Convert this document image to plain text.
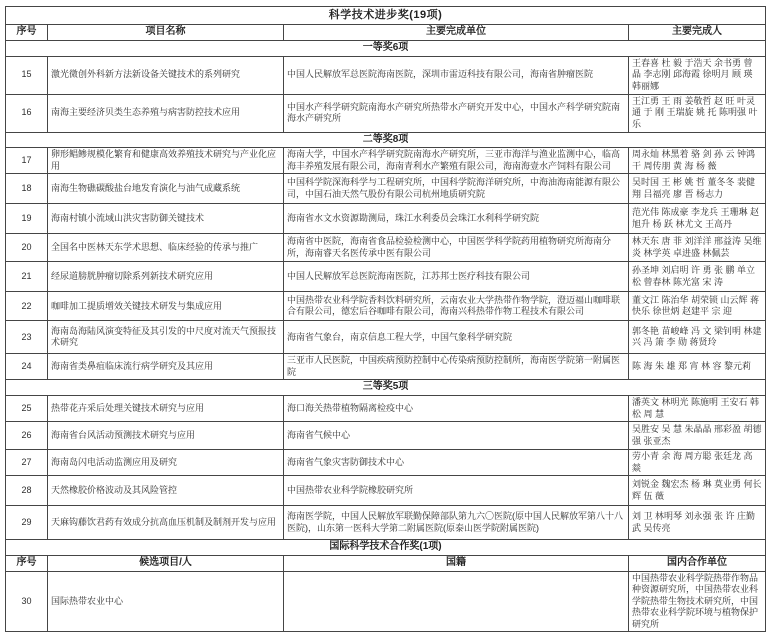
科学技术进步奖(19项)			
序号	项目名称	主要完成单位	主要完成人
一等奖6项			
15	激光微创外科新方法新设备关键技术的系列研究	中国人民解放军总医院海南医院，深圳市雷迈科技有限公司，海南省肿瘤医院	王春喜 杜 毅 于浩天 余书勇 曾 晶 李志刚 邱海霞 徐明月 顾 瑛 韩丽娜
16	南海主要经济贝类生态养殖与病害防控技术应用	中国水产科学研究院南海水产研究所热带水产研究开发中心，中国水产科学研究院南海水产研究所	王江勇 王 雨 姜敬哲 赵 旺 叶灵通 于 刚 王瑞旋 姚 托 陈明强 叶 乐
二等奖8项			
17	卵形鲳鲹规模化繁育和健康高效养殖技术研究与产业化应用	海南大学，中国水产科学研究院南海水产研究所，三亚市海洋与渔业监测中心，临高海丰养殖发展有限公司，海南青利水产繁殖有限公司，海南海壹水产饲料有限公司	周永灿 林黑着 骆 剑 孙 云 钟鸿干 周传朋 黄 海 杨 薇
18	南海生物礁碳酸盐台地发育演化与油气成藏系统	中国科学院深海科学与工程研究所，中国科学院海洋研究所，中海油海南能源有限公司，中国石油天然气股份有限公司杭州地质研究院	吴时国 王 彬 姚 哲 董冬冬 裴健翔 吕福亮 廖 晋 杨志力
19	海南村镇小流域山洪灾害防御关键技术	海南省水文水资源勘测局，珠江水利委员会珠江水利科学研究院	范光伟 陈成豪 李龙兵 王珊琳 赵旭升 杨 跃 林尤文 王高丹
20	全国名中医林天东学术思想、临床经验的传承与推广	海南省中医院，海南省食品检验检测中心，中国医学科学院药用植物研究所海南分所，海南睿天名医传承中医有限公司	林天东 唐 菲 刘洋洋 邢益涛 吴维炎 林学英 卓进盛 林佩芸
21	经尿道膀胱肿瘤切除系列新技术研究应用	中国人民解放军总医院海南医院，江苏邦士医疗科技有限公司	孙圣坤 刘启明 许 勇 张 鹏 单立松 曾春林 陈光富 宋 涛
22	咖啡加工提质增效关键技术研发与集成应用	中国热带农业科学院香料饮料研究所，云南农业大学热带作物学院，澄迈福山咖啡联合有限公司，德宏后谷咖啡有限公司，海南兴科热带作物工程技术有限公司	董文江 陈治华 胡荣锁 山云辉 蒋快乐 徐世炳 赵建平 宗 迎
23	海南岛海陆风演变特征及其引发的中尺度对流天气预报技术研究	海南省气象台，南京信息工程大学，中国气象科学研究院	郭冬艳 苗峻峰 冯 文 梁钊明 林建兴 冯 箫 李 勋 蒋贤玲
24	海南省类鼻疽临床流行病学研究及其应用	三亚市人民医院，中国疾病预防控制中心传染病预防控制所，海南医学院第一附属医院	陈 海 朱 雄 郑 宵 林 容 黎元莉
三等奖5项			
25	热带花卉采后处理关键技术研究与应用	海口海关热带植物隔离检疫中心	潘英文 林明光 陈施明 王安石 韩 松 周 慧
26	海南省台风活动预测技术研究与应用	海南省气候中心	吴胜安 吴 慧 朱晶晶 邢彩盈 胡德强 张亚杰
27	海南岛闪电活动监测应用及研究	海南省气象灾害防御技术中心	劳小青 余 海 周方聪 张廷龙 高 燚
28	天然橡胶价格波动及其风险管控	中国热带农业科学院橡胶研究所	刘锐金 魏宏杰 杨 琳 莫业勇 何长辉 伍 薇
29	天麻钩藤饮君药有效成分抗高血压机制及制剂开发与应用	海南医学院，中国人民解放军联勤保障部队第九六〇医院(原中国人民解放军第八十八医院)，山东第一医科大学第二附属医院(原泰山医学院附属医院)	刘 卫 林明琴 刘永强 张 许 庄勤武 吴传亮
国际科学技术合作奖(1项)			
序号	候选项目/人	国籍	国内合作单位
30	国际热带农业中心		中国热带农业科学院热带作物品种资源研究所，中国热带农业科学院热带生物技术研究所，中国热带农业科学院环境与植物保护研究所
